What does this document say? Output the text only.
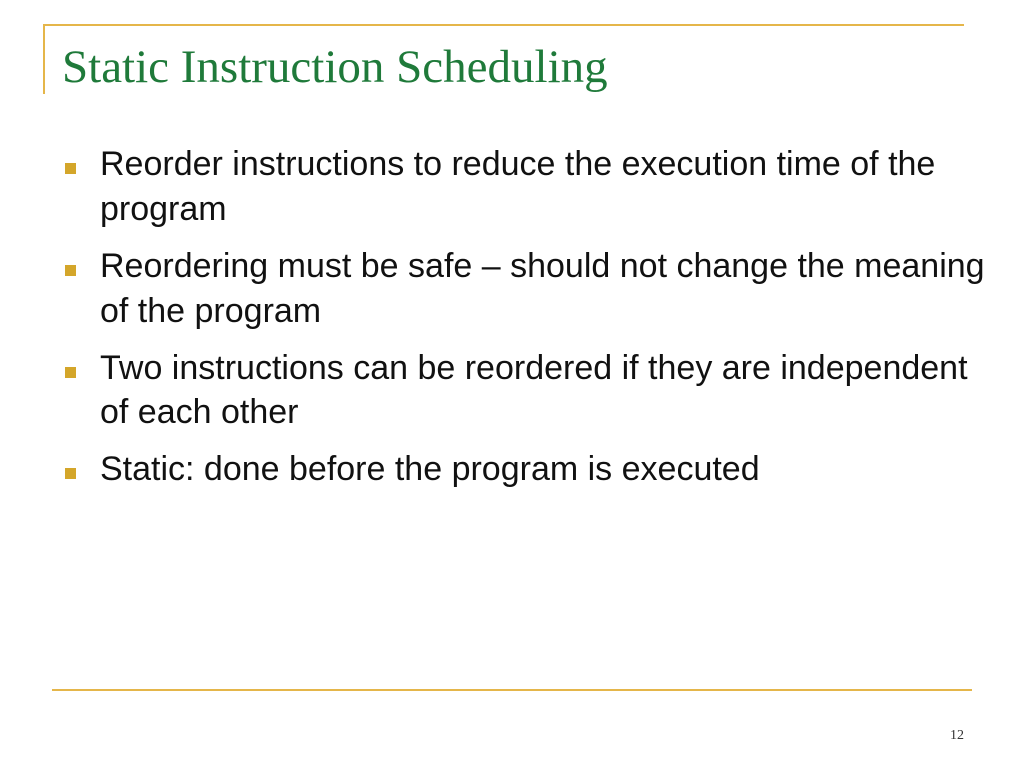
Static Instruction Scheduling
Reorder instructions to reduce the execution time of the program
Reordering must be safe – should not change the meaning of the program
Two instructions can be reordered if they are independent of each other
Static: done before the program is executed
12
